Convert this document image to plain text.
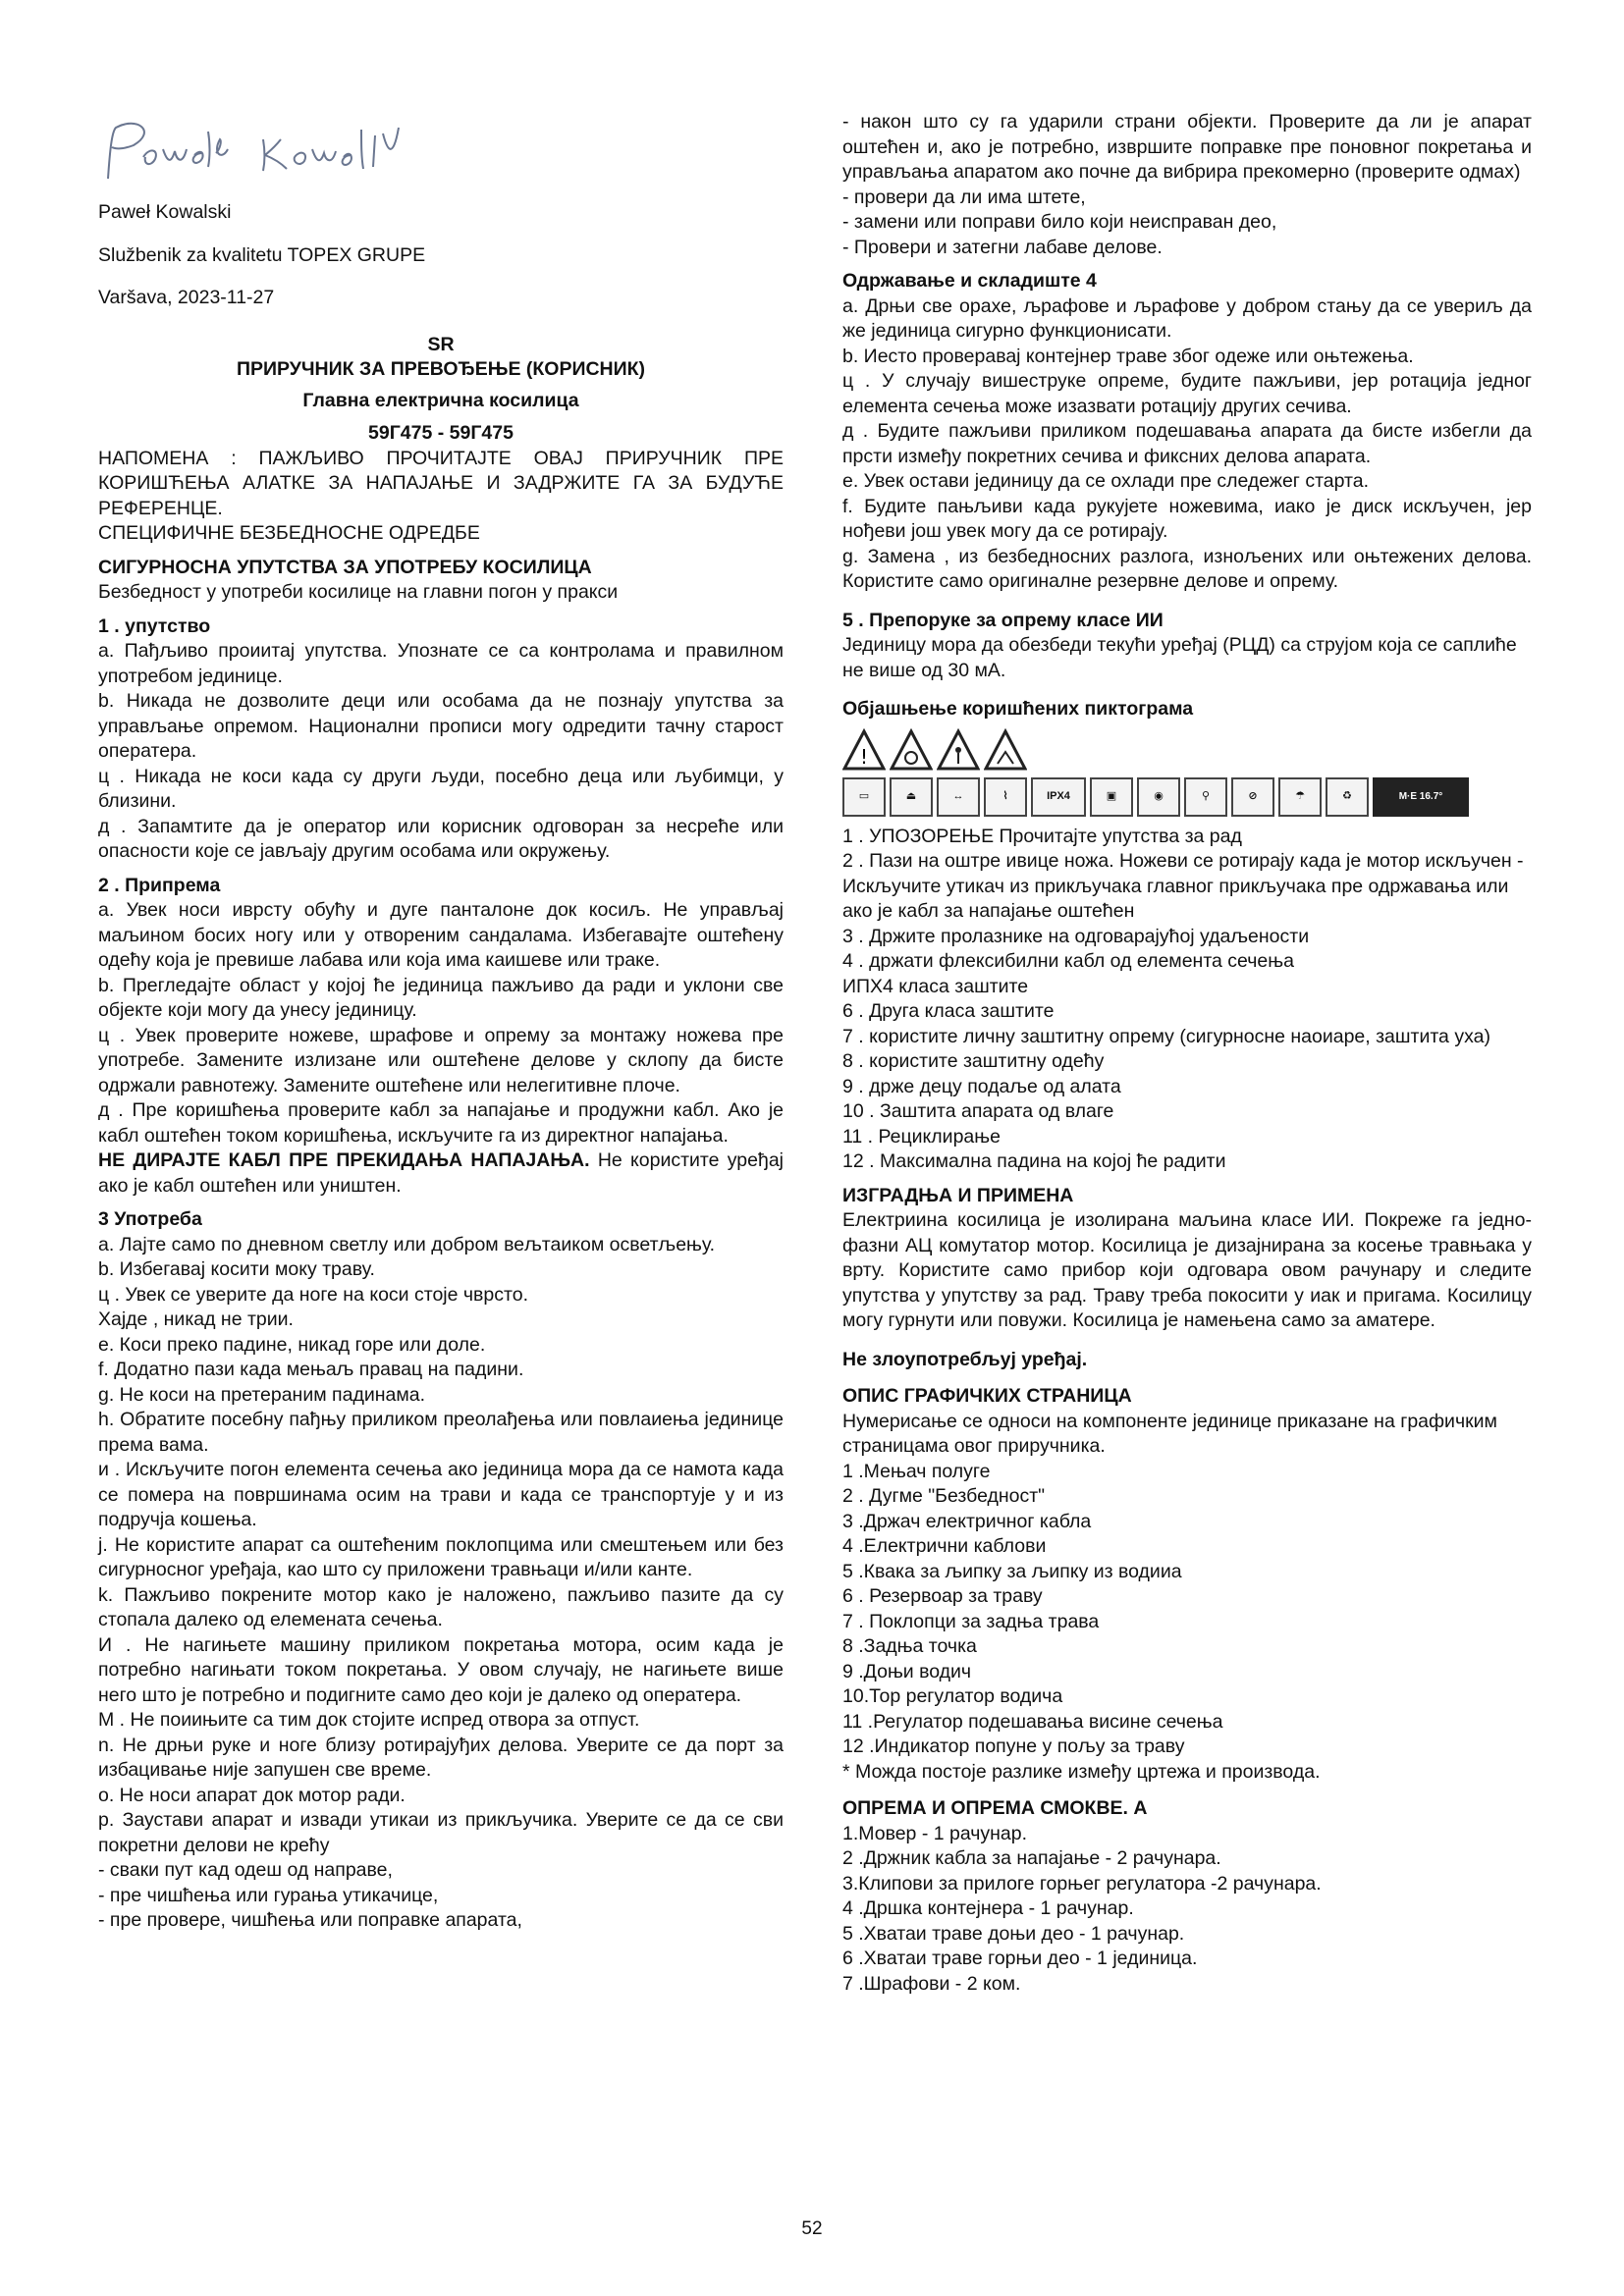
Paweł Kowalski

Službenik za kvalitetu TOPEX GRUPE

Varšava, 2023-11-27

SR

ПРИРУЧНИК ЗА ПРЕВОЂЕЊЕ (КОРИСНИК)

Главна електрична косилица

59Г475 - 59Г475

НАПОМЕНА : ПАЖЉИВО ПРОЧИТАЈТЕ ОВАЈ ПРИРУЧНИК ПРЕ КОРИШЋЕЊА АЛАТКЕ ЗА НАПАЈАЊЕ И ЗАДРЖИТЕ ГА ЗА БУДУЋЕ РЕФЕРЕНЦЕ.

СПЕЦИФИЧНЕ БЕЗБЕДНОСНЕ ОДРЕДБЕ

СИГУРНОСНА УПУТСТВА ЗА УПОТРЕБУ КОСИЛИЦА

Безбедност у употреби косилице на главни погон у пракси

1 . упутство

a. Пађљиво проиитај упутства. Упознате се са контролама и правилном употребом јединице.

b. Никада не дозволите деци или особама да не познају упутства за управљање опремом. Национални прописи могу одредити тачну старост оператера.

ц . Никада не коси када су други људи, посебно деца или љубимци, у близини.

д . Запамтите да је оператор или корисник одговоран за несреће или опасности које се јављају другим особама или окружењу.

2 . Припрема

a. Увек носи иврсту обућу и дуге панталоне док косиљ. Не управљај маљином босих ногу или у отвореним сандалама. Избегавајте оштећену одећу која је превише лабава или која има каишеве или траке.

b. Прегледајте област у којој ће јединица пажљиво да ради и уклони све објекте који могу да унесу јединицу.

ц . Увек проверите ножеве, шрафове и опрему за монтажу ножева пре употребе. Замените излизане или оштећене делове у склопу да бисте одржали равнотежу. Замените оштећене или нелегитивне плоче.

д . Пре коришћења проверите кабл за напајање и продужни кабл. Ако је кабл оштећен током коришћења, искључите га из директног напајања.

НЕ ДИРАЈТЕ КАБЛ ПРЕ ПРЕКИДАЊА НАПАЈАЊА. Не користите уређај ако је кабл оштећен или уништен.

3 Употреба

а. Лајте само по дневном светлу или добром вељтаиком осветљењу.

b. Избегавај косити моку траву.

ц . Увек се уверите да ноге на коси стоје чврсто.

Хајде , никад не трии.

е. Коси преко падине, никад горе или доле.

f. Додатно пази када мењаљ правац на падини.

g. Не коси на претераним падинама.

h. Обратите посебну пађњу приликом преолађења или повлаиења јединице према вама.

и . Искључите погон елемента сечења ако јединица мора да се намота када се помера на површинама осим на трави и када се транспортује у и из подручја кошења.

j. Не користите апарат са оштећеним поклопцима или смештењем или без сигурносног уређаја, као што су приложени травњаци и/или канте.

k. Пажљиво покрените мотор како је наложено, пажљиво пазите да су стопала далеко од елемената сечења.

И . Не нагињете машину приликом покретања мотора, осим када је потребно нагињати током покретања. У овом случају, не нагињете више него што је потребно и подигните само део који је далеко од оператера.

М . Не поиињите са тим док стојите испред отвора за отпуст.

n. Не дрњи руке и ноге близу ротирајуђих делова. Уверите се да порт за избацивање није запушен све време.

о. Не носи апарат док мотор ради.

р. Заустави апарат и извади утикаи из прикључика. Уверите се да се сви покретни делови не крећу

- сваки пут кад одеш од направе,

- пре чишћења или гурања утикачице,

- пре провере, чишћења или поправке апарата,

- након што су га ударили страни објекти. Проверите да ли је апарат оштећен и, ако је потребно, извршите поправке пре поновног покретања и управљања апаратом ако почне да вибрира прекомерно (проверите одмах)

- провери да ли има штете,

- замени или поправи било који неисправан део,

- Провери и затегни лабаве делове.

Одржавање и складиште 4

а. Дрњи све орахе, љрафове и љрафове у добром стању да се увериљ да же јединица сигурно функционисати.

b. Иесто проверавај контејнер траве због одеже или оњтежења.

ц . У случају вишеструке опреме, будите пажљиви, јер ротација једног елемента сечења може изазвати ротацију других сечива.

д . Будите пажљиви приликом подешавања апарата да бисте избегли да прсти између покретних сечива и фиксних делова апарата.

е. Увек остави јединицу да се охлади пре следежег старта.

f. Будите пањљиви када рукујете ножевима, иако је диск искључен, јер нођеви још увек могу да се ротирају.

g. Замена , из безбедносних разлога, изнољених или оњтежених делова. Користите само оригиналне резервне делове и опрему.

5 . Препоруке за опрему класе ИИ

Јединицу мора да обезбеди текући уређај (РЦД) са струјом која се саплиће не више од 30 мА.

Објашњење коришћених пиктограма

!
▭	⏏	↔	⌇	IPX4	▣	◉	⚲	⊘	☂	♻	M·E 16.7°

1 . УПОЗОРЕЊЕ Прочитајте упутства за рад

2 . Пази на оштре ивице ножа. Ножеви се ротирају када је мотор искључен - Искључите утикач из прикључака главног прикључака пре одржавања или ако је кабл за напајање оштећен

3 . Држите пролазнике на одговарајућој удаљености

4 . држати флексибилни кабл од елемента сечења

ИПХ4 класа заштите

6 . Друга класа заштите

7 . користите личну заштитну опрему (сигурносне наоиаре, заштита уха)

8 . користите заштитну одећу

9 . држе децу подаље од алата

10 . Заштита апарата од влаге

11 . Рециклирање

12 . Максимална падина на којој ће радити

ИЗГРАДЊА И ПРИМЕНА

Електриина косилица је изолирана маљина класе ИИ. Покреже га једно-фазни АЦ комутатор мотор. Косилица је дизајнирана за косење травњака у врту. Користите само прибор који одговара овом рачунару и следите упутства у упутству за рад. Траву треба покосити у иак и пригама. Косилицу могу гурнути или повужи. Косилица је намењена само за аматере.

Не злоупотребљуј уређај.

ОПИС ГРАФИЧКИХ СТРАНИЦА

Нумерисање се односи на компоненте јединице приказане на графичким страницама овог приручника.

1 .Мењач полуге

2 . Дугме "Безбедност"

3 .Држач електричног кабла

4 .Електрични каблови

5 .Квака за љипку за љипку из водииа

6 . Резервоар за траву

7 . Поклопци за задња трава

8 .Задња точка

9 .Доњи водич

10.Тор регулатор водича

11 .Регулатор подешавања висине сечења

12 .Индикатор попуне у пољу за траву

* Можда постоје разлике између цртежа и производа.

ОПРЕМА И ОПРЕМА СМОКВЕ. А

1.Мовер - 1 рачунар.

2 .Држник кабла за напајање - 2 рачунара.

3.Клипови за прилоге горњег регулатора -2 рачунара.

4 .Дршка контејнера - 1 рачунар.

5 .Хватаи траве доњи део - 1 рачунар.

6 .Хватаи траве горњи део - 1 јединица.

7 .Шрафови - 2 ком.

52
